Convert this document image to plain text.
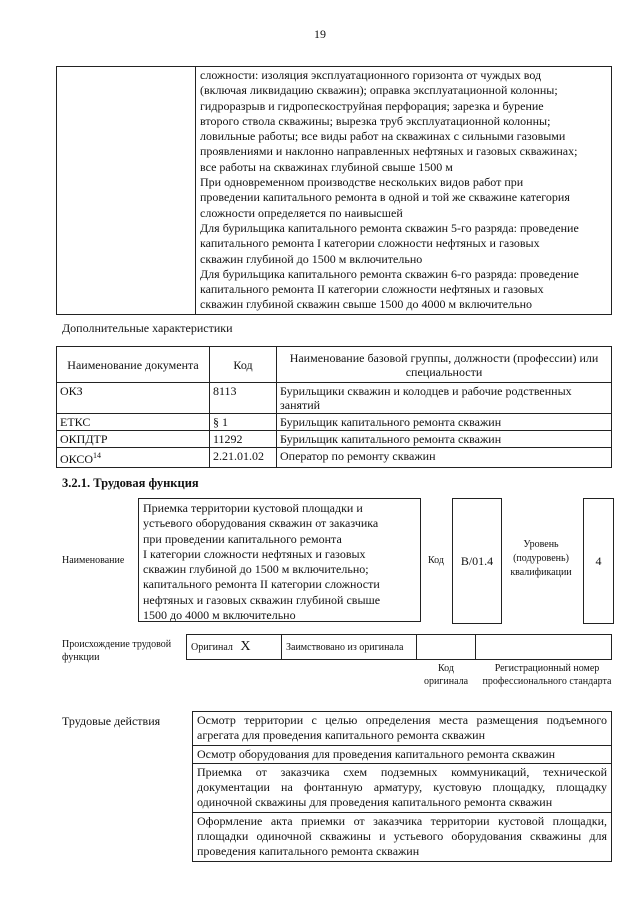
19

сложности: изоляция эксплуатационного горизонта от чуждых вод
(включая ликвидацию скважин); оправка эксплуатационной колонны;
гидроразрыв и гидропескоструйная перфорация; зарезка и бурение
второго ствола скважины; вырезка труб эксплуатационной колонны;
ловильные работы; все виды работ на скважинах с сильными газовыми
проявлениями и наклонно направленных нефтяных и газовых скважинах;
все работы на скважинах глубиной свыше 1500 м
При одновременном производстве нескольких видов работ при
проведении капитального ремонта в одной и той же скважине категория
сложности определяется по наивысшей
Для бурильщика капитального ремонта скважин 5-го разряда: проведение
капитального ремонта I категории сложности нефтяных и газовых
скважин глубиной до 1500 м включительно
Для бурильщика капитального ремонта скважин 6-го разряда: проведение
капитального ремонта II категории сложности нефтяных и газовых
скважин глубиной скважин свыше 1500 до 4000 м включительно
Дополнительные характеристики
Наименование документа	Код	Наименование базовой группы, должности (профессии) или специальности
ОКЗ	8113	Бурильщики скважин и колодцев и рабочие родственных занятий
ЕТКС	§ 1	Бурильщик капитального ремонта скважин
ОКПДТР	11292	Бурильщик капитального ремонта скважин
ОКСО$^{14}$	2.21.01.02	Оператор по ремонту скважин
3.2.1. Трудовая функция
Наименование
Приемка территории кустовой площадки и
устьевого оборудования скважин от заказчика
при проведении капитального ремонта
I категории сложности нефтяных и газовых
скважин глубиной до 1500 м включительно;
капитального ремонта II категории сложности
нефтяных и газовых скважин глубиной свыше
1500 до 4000 м включительно
Код	B/01.4
Уровень (подуровень) квалификации
4
Происхождение трудовой функции
Оригинал X	Заимствовано из оригинала		
Код оригинала
Регистрационный номер профессионального стандарта
Трудовые действия	Осмотр территории с целью определения места размещения подъемного агрегата для проведения капитального ремонта скважин
Осмотр оборудования для проведения капитального ремонта скважин
Приемка от заказчика схем подземных коммуникаций, технической документации на фонтанную арматуру, кустовую площадку, площадку одиночной скважины для проведения капитального ремонта скважин
Оформление акта приемки от заказчика территории кустовой площадки, площадки одиночной скважины и устьевого оборудования скважины для проведения капитального ремонта скважин
